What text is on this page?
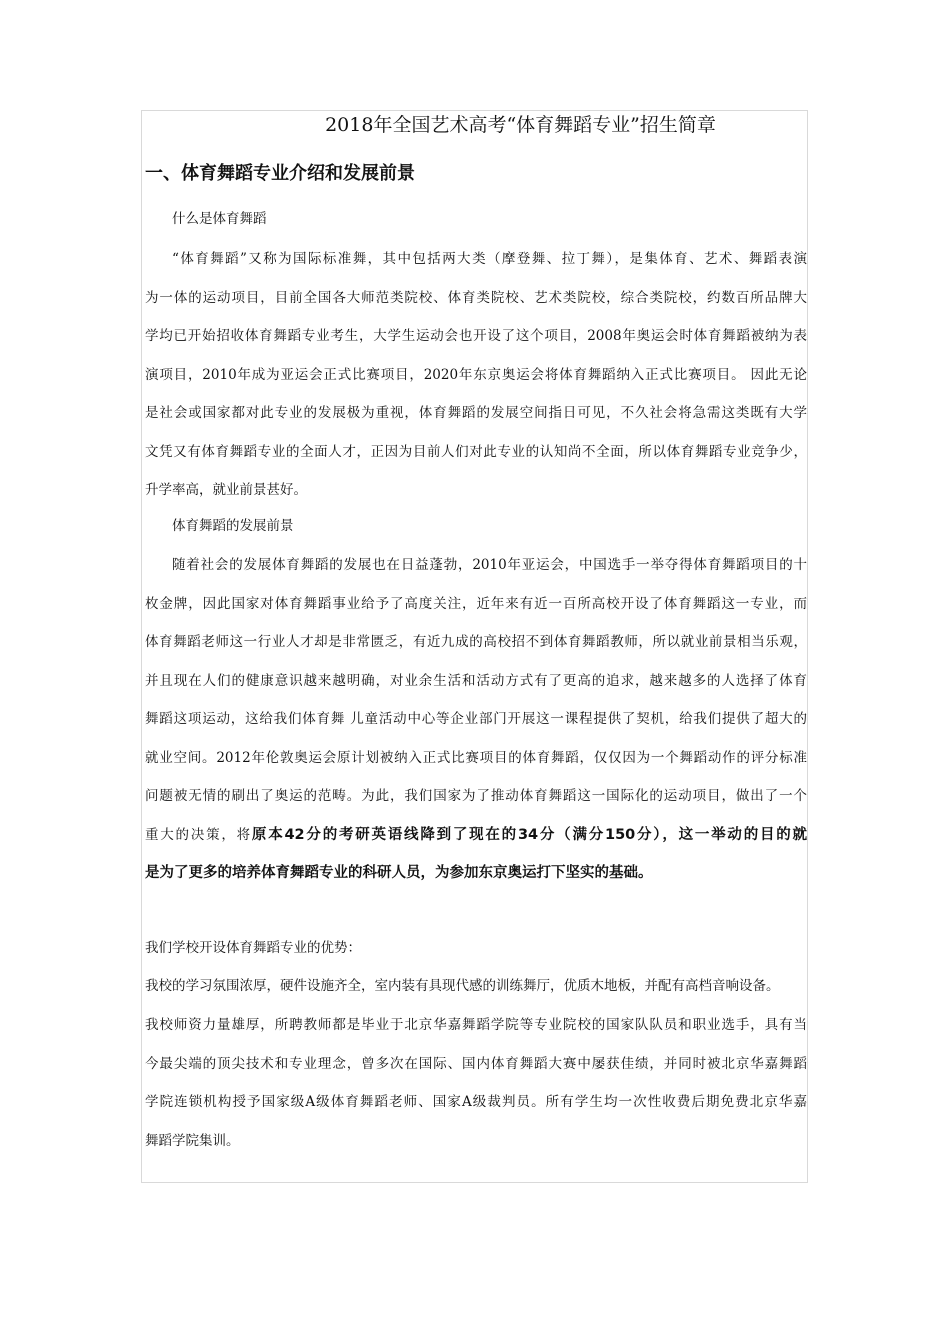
2018年全国艺术高考“体育舞蹈专业”招生简章
一、体育舞蹈专业介绍和发展前景
什么是体育舞蹈
“体育舞蹈”又称为国际标准舞，其中包括两大类（摩登舞、拉丁舞），是集体育、艺术、舞蹈表演
为一体的运动项目，目前全国各大师范类院校、体育类院校、艺术类院校，综合类院校，约数百所品牌大
学均已开始招收体育舞蹈专业考生，大学生运动会也开设了这个项目，2008年奥运会时体育舞蹈被纳为表
演项目，2010年成为亚运会正式比赛项目，2020年东京奥运会将体育舞蹈纳入正式比赛项目。 因此无论
是社会或国家都对此专业的发展极为重视，体育舞蹈的发展空间指日可见，不久社会将急需这类既有大学
文凭又有体育舞蹈专业的全面人才，正因为目前人们对此专业的认知尚不全面，所以体育舞蹈专业竞争少，
升学率高，就业前景甚好。
体育舞蹈的发展前景
随着社会的发展体育舞蹈的发展也在日益蓬勃，2010年亚运会，中国选手一举夺得体育舞蹈项目的十
枚金牌，因此国家对体育舞蹈事业给予了高度关注，近年来有近一百所高校开设了体育舞蹈这一专业，而
体育舞蹈老师这一行业人才却是非常匮乏，有近九成的高校招不到体育舞蹈教师，所以就业前景相当乐观，
并且现在人们的健康意识越来越明确，对业余生活和活动方式有了更高的追求，越来越多的人选择了体育
舞蹈这项运动，这给我们体育舞 儿童活动中心等企业部门开展这一课程提供了契机，给我们提供了超大的
就业空间。2012年伦敦奥运会原计划被纳入正式比赛项目的体育舞蹈，仅仅因为一个舞蹈动作的评分标准
问题被无情的刷出了奥运的范畴。为此，我们国家为了推动体育舞蹈这一国际化的运动项目，做出了一个
重大的决策，将原本42分的考研英语线降到了现在的34分（满分150分），这一举动的目的就
是为了更多的培养体育舞蹈专业的科研人员，为参加东京奥运打下坚实的基础。
我们学校开设体育舞蹈专业的优势：
我校的学习氛围浓厚，硬件设施齐全，室内装有具现代感的训练舞厅，优质木地板，并配有高档音响设备。
我校师资力量雄厚，所聘教师都是毕业于北京华嘉舞蹈学院等专业院校的国家队队员和职业选手，具有当
今最尖端的顶尖技术和专业理念，曾多次在国际、国内体育舞蹈大赛中屡获佳绩，并同时被北京华嘉舞蹈
学院连锁机构授予国家级A级体育舞蹈老师、国家A级裁判员。所有学生均一次性收费后期免费北京华嘉
舞蹈学院集训。
